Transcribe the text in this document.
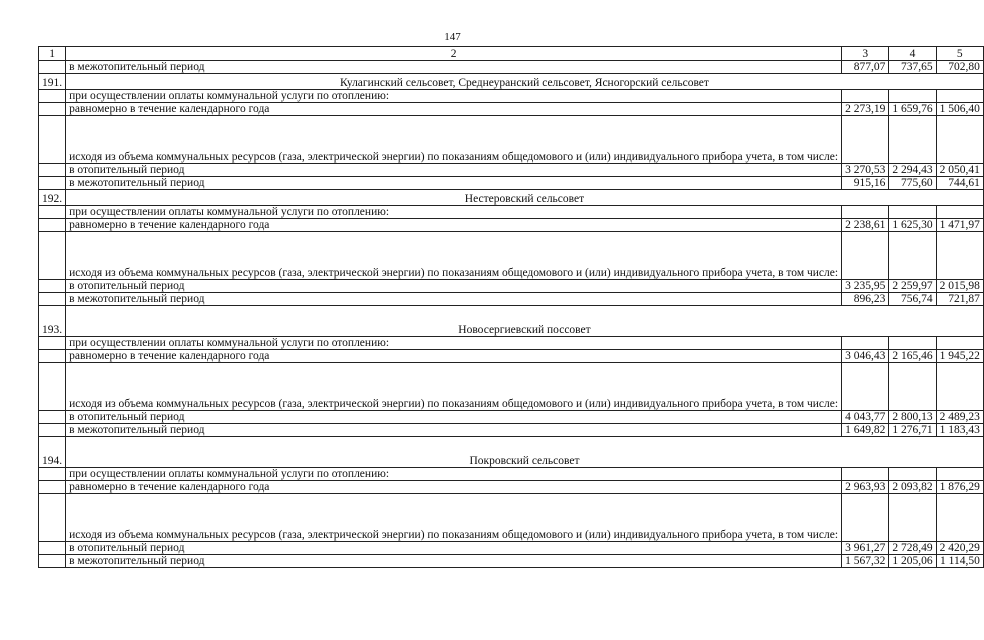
147
1	2	3	4	5
	в межотопительный период	877,07	737,65	702,80
191.	Кулагинский сельсовет, Среднеуранский сельсовет, Ясногорский сельсовет			
	при осуществлении оплаты коммунальной услуги по отоплению:			
	равномерно в течение календарного года	2 273,19	1 659,76	1 506,40
	исходя из объема коммунальных ресурсов (газа, электрической энергии) по показаниям общедомового и (или) индивидуального прибора учета, в том числе:			
	в отопительный период	3 270,53	2 294,43	2 050,41
	в межотопительный период	915,16	775,60	744,61
192.	Нестеровский сельсовет			
	при осуществлении оплаты коммунальной услуги по отоплению:			
	равномерно в течение календарного года	2 238,61	1 625,30	1 471,97
	исходя из объема коммунальных ресурсов (газа, электрической энергии) по показаниям общедомового и (или) индивидуального прибора учета, в том числе:			
	в отопительный период	3 235,95	2 259,97	2 015,98
	в межотопительный период	896,23	756,74	721,87
193.	Новосергиевский поссовет			
	при осуществлении оплаты коммунальной услуги по отоплению:			
	равномерно в течение календарного года	3 046,43	2 165,46	1 945,22
	исходя из объема коммунальных ресурсов (газа, электрической энергии) по показаниям общедомового и (или) индивидуального прибора учета, в том числе:			
	в отопительный период	4 043,77	2 800,13	2 489,23
	в межотопительный период	1 649,82	1 276,71	1 183,43
194.	Покровский сельсовет			
	при осуществлении оплаты коммунальной услуги по отоплению:			
	равномерно в течение календарного года	2 963,93	2 093,82	1 876,29
	исходя из объема коммунальных ресурсов (газа, электрической энергии) по показаниям общедомового и (или) индивидуального прибора учета, в том числе:			
	в отопительный период	3 961,27	2 728,49	2 420,29
	в межотопительный период	1 567,32	1 205,06	1 114,50
